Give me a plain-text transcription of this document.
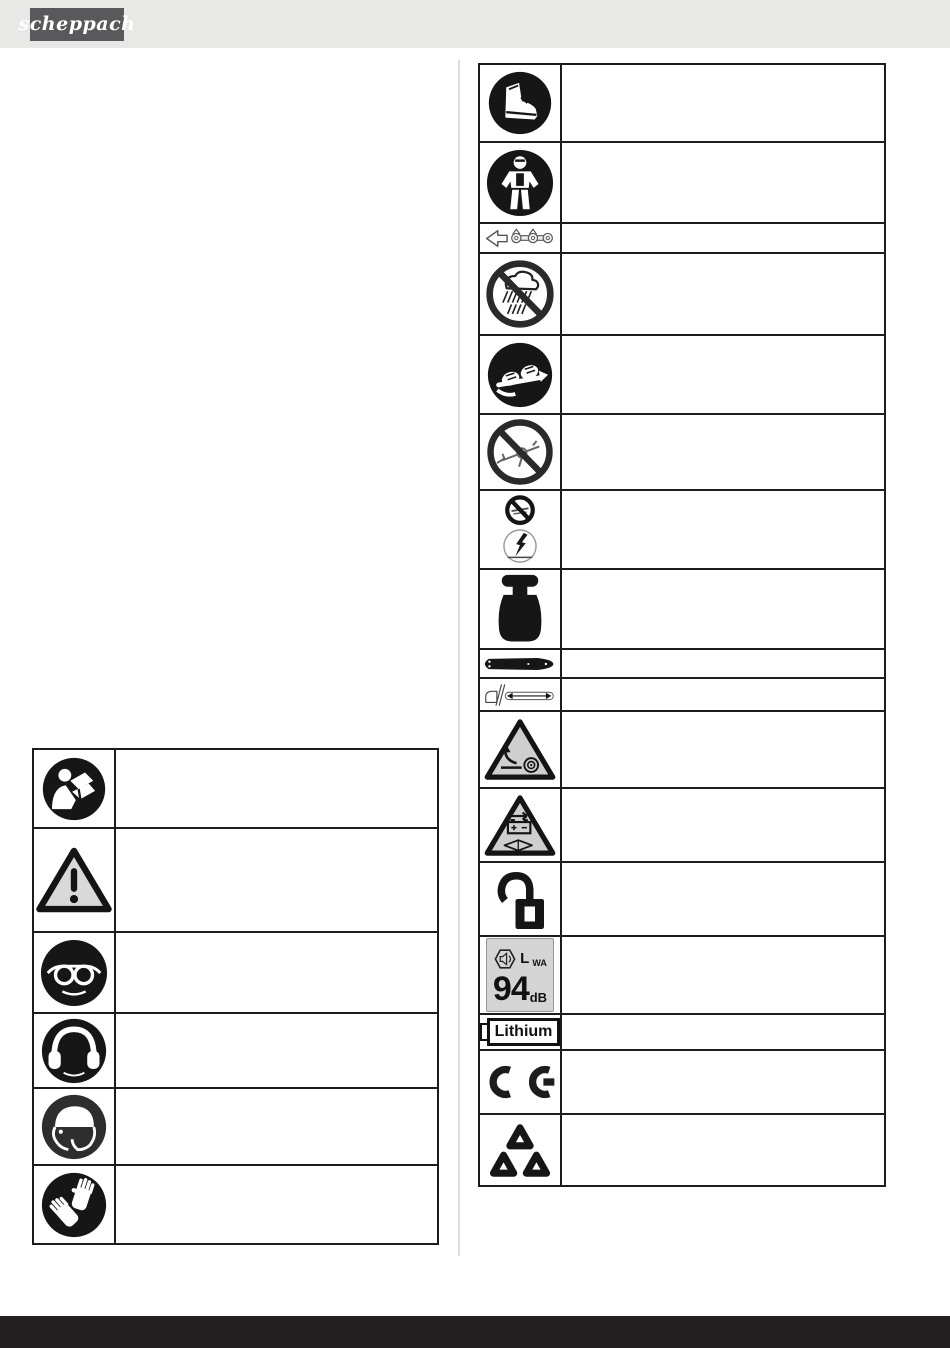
scheppach

L WA
94 dB	

Lithium	
